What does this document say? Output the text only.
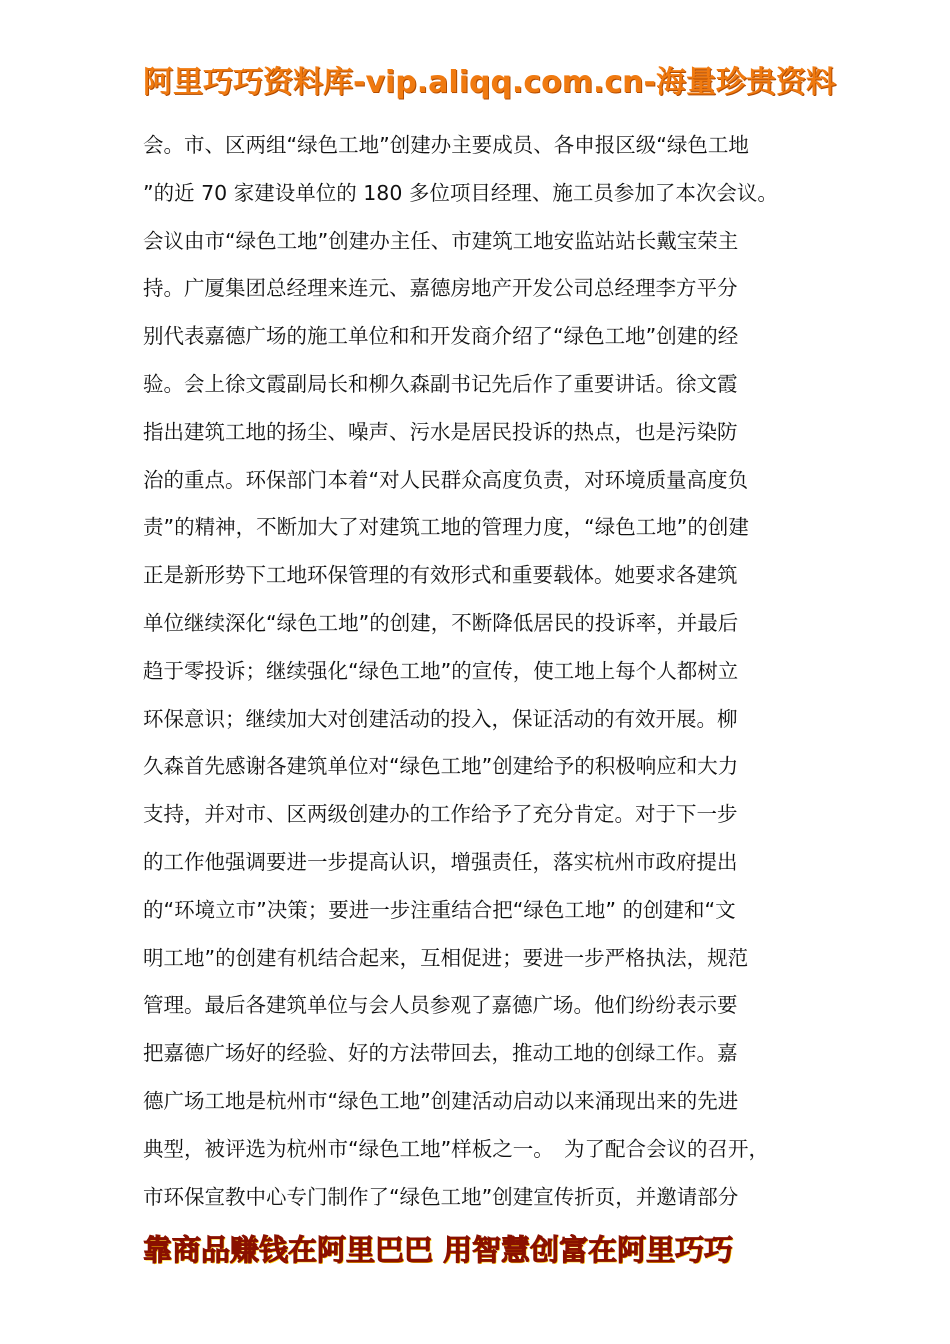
阿里巧巧资料库-vip.aliqq.com.cn-海量珍贵资料
会。市、区两组“绿色工地”创建办主要成员、各申报区级“绿色工地
”的近 70 家建设单位的 180 多位项目经理、施工员参加了本次会议。
会议由市“绿色工地”创建办主任、市建筑工地安监站站长戴宝荣主
持。广厦集团总经理来连元、嘉德房地产开发公司总经理李方平分
别代表嘉德广场的施工单位和和开发商介绍了“绿色工地”创建的经
验。会上徐文霞副局长和柳久森副书记先后作了重要讲话。徐文霞
指出建筑工地的扬尘、噪声、污水是居民投诉的热点，也是污染防
治的重点。环保部门本着“对人民群众高度负责，对环境质量高度负
责”的精神，不断加大了对建筑工地的管理力度，“绿色工地”的创建
正是新形势下工地环保管理的有效形式和重要载体。她要求各建筑
单位继续深化“绿色工地”的创建，不断降低居民的投诉率，并最后
趋于零投诉；继续强化“绿色工地”的宣传，使工地上每个人都树立
环保意识；继续加大对创建活动的投入，保证活动的有效开展。柳
久森首先感谢各建筑单位对“绿色工地”创建给予的积极响应和大力
支持，并对市、区两级创建办的工作给予了充分肯定。对于下一步
的工作他强调要进一步提高认识，增强责任，落实杭州市政府提出
的“环境立市”决策；要进一步注重结合把“绿色工地” 的创建和“文
明工地”的创建有机结合起来，互相促进；要进一步严格执法，规范
管理。最后各建筑单位与会人员参观了嘉德广场。他们纷纷表示要
把嘉德广场好的经验、好的方法带回去，推动工地的创绿工作。嘉
德广场工地是杭州市“绿色工地”创建活动启动以来涌现出来的先进
典型，被评选为杭州市“绿色工地”样板之一。　为了配合会议的召开，
市环保宣教中心专门制作了“绿色工地”创建宣传折页，并邀请部分
靠商品赚钱在阿里巴巴 用智慧创富在阿里巧巧
